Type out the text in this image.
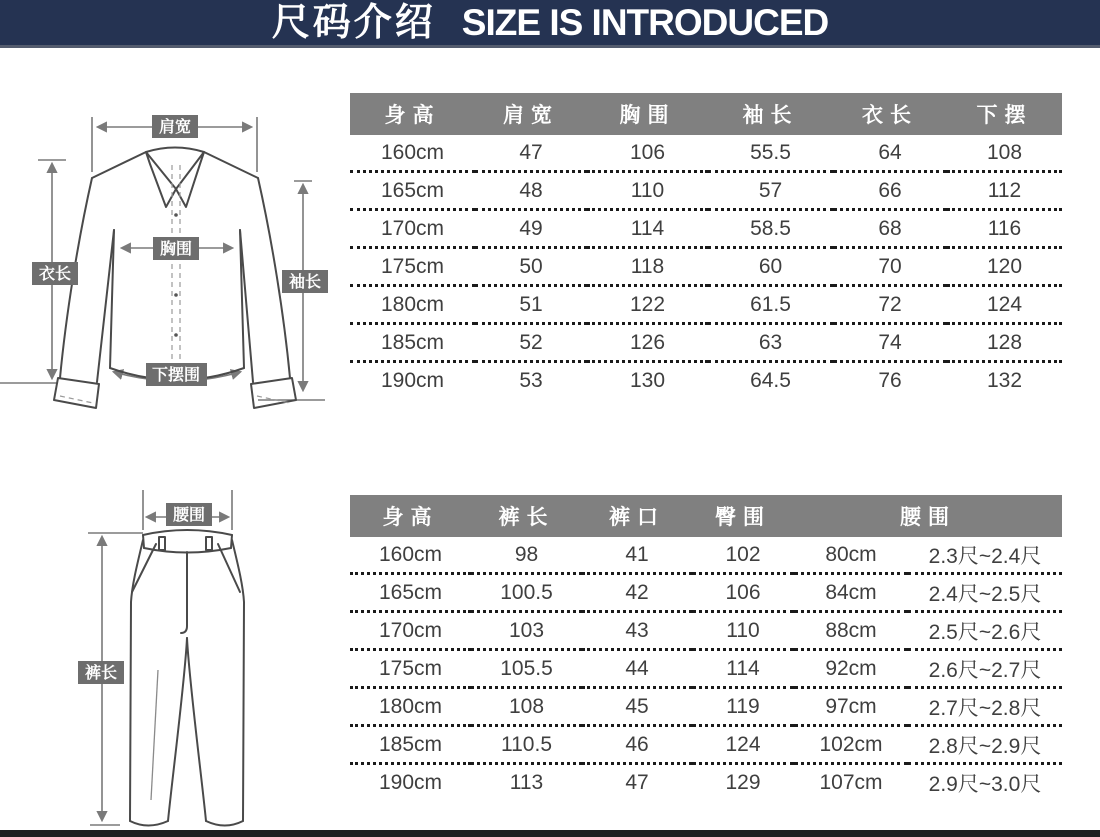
尺码介绍 SIZE IS INTRODUCED
肩宽
胸围
衣长	袖长
下摆围
身高	肩宽	胸围	袖长	衣长	下摆
160cm	47	106	55.5	64	108
165cm	48	110	57	66	112
170cm	49	114	58.5	68	116
175cm	50	118	60	70	120
180cm	51	122	61.5	72	124
185cm	52	126	63	74	128
190cm	53	130	64.5	76	132
腰围
裤长
身高	裤长	裤口	臀围	腰围	
160cm	98	41	102	80cm	2.3尺~2.4尺
165cm	100.5	42	106	84cm	2.4尺~2.5尺
170cm	103	43	110	88cm	2.5尺~2.6尺
175cm	105.5	44	114	92cm	2.6尺~2.7尺
180cm	108	45	119	97cm	2.7尺~2.8尺
185cm	110.5	46	124	102cm	2.8尺~2.9尺
190cm	113	47	129	107cm	2.9尺~3.0尺
